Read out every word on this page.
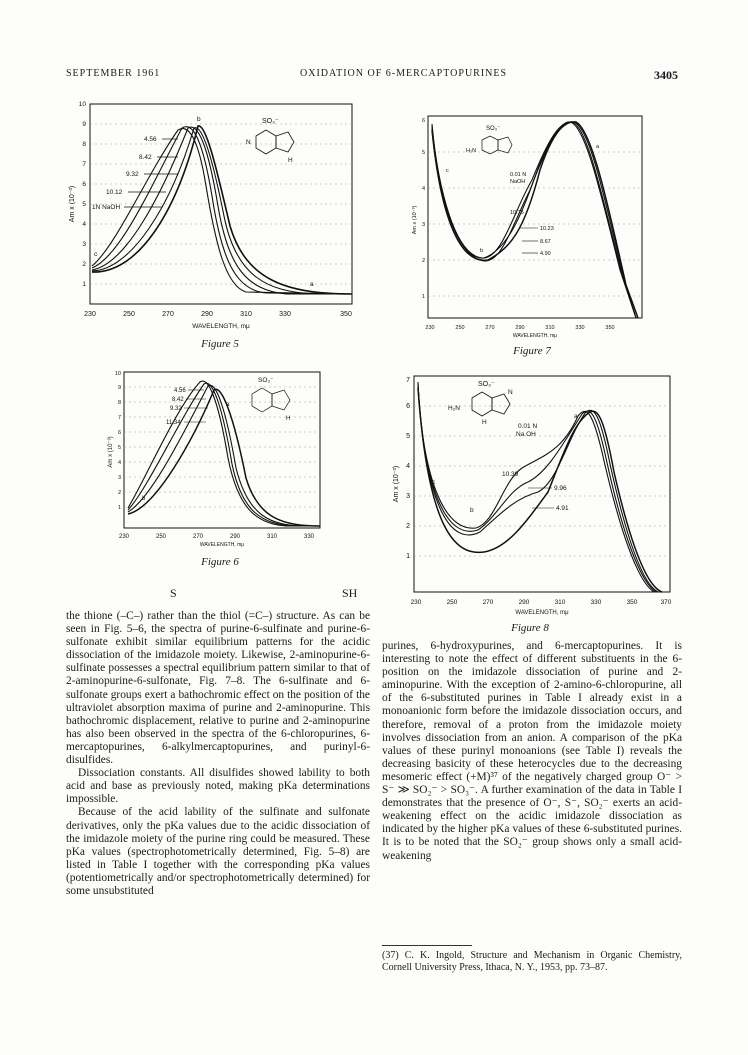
SEPTEMBER 1961	OXIDATION OF 6-MERCAPTOPURINES	3405
230	250	270	290	310	330	350
1
2
3
4
5
6
7
8
9
10
4.56
8.42
9.32
10.12
1N NaOH
SO₃⁻
N
H
b
c
a
WAVELENGTH, mμ
Am x (10⁻³)
Figure 5
230	250	270	290	310	330	350
1
2
3
4
5
6
0.01 N
NaOH
10.75
10.23
8.67
4.90
SO₃⁻
H₂N
c
b
a
WAVELENGTH, mμ
Am x (10⁻³)
Figure 7
230	250	270	290	310	330
1
2
3
4
5
6
7
8
9
10
4.56
8.42
9.32
11.34
SO₃⁻
H
b
a
WAVELENGTH, mμ
Am x (10⁻³)
Figure 6
230	250	270	290	310	330	350	370
1
2
3
4
5
6
7
0.01 N
Na OH
10.39
9.96
4.91
SO₃⁻
H₂N
N
H
c
b
a
WAVELENGTH, mμ
Am x (10⁻³)
Figure 8
S	SH

the thione (–C–) rather than the thiol (=C–) structure. As can be seen in Fig. 5–6, the spectra of purine-6-sulfinate and purine-6-sulfonate exhibit similar equilibrium patterns for the acidic dissociation of the imidazole moiety. Likewise, 2-aminopurine-6-sulfinate possesses a spectral equilibrium pattern similar to that of 2-aminopurine-6-sulfonate, Fig. 7–8. The 6-sulfinate and 6-sulfonate groups exert a bathochromic effect on the position of the ultraviolet absorption maxima of purine and 2-aminopurine. This bathochromic displacement, relative to purine and 2-aminopurine has also been observed in the spectra of the 6-chloropurines, 6-mercaptopurines, 6-alkylmercaptopurines, and purinyl-6-disulfides.

Dissociation constants. All disulfides showed lability to both acid and base as previously noted, making pKa determinations impossible.

Because of the acid lability of the sulfinate and sulfonate derivatives, only the pKa values due to the acidic dissociation of the imidazole moiety of the purine ring could be measured. These pKa values (spectrophotometrically determined, Fig. 5–8) are listed in Table I together with the corresponding pKa values (potentiometrically and/or spectrophotometrically determined) for some unsubstituted

purines, 6-hydroxypurines, and 6-mercaptopurines. It is interesting to note the effect of different substituents in the 6-position on the imidazole dissociation of purine and 2-aminopurine. With the exception of 2-amino-6-chloropurine, all of the 6-substituted purines in Table I already exist in a monoanionic form before the imidazole dissociation occurs, and therefore, removal of a proton from the imidazole moiety involves dissociation from an anion. A comparison of the pKa values of these purinyl monoanions (see Table I) reveals the decreasing basicity of these heterocycles due to the decreasing mesomeric effect (+M)³⁷ of the negatively charged group O⁻ > S⁻ ≫ SO₂⁻ > SO₃⁻. A further examination of the data in Table I demonstrates that the presence of O⁻, S⁻, SO₂⁻ exerts an acid-weakening effect on the acidic imidazole dissociation as indicated by the higher pKa values of these 6-substituted purines. It is to be noted that the SO₂⁻ group shows only a small acid-weakening

(37) C. K. Ingold, Structure and Mechanism in Organic Chemistry, Cornell University Press, Ithaca, N. Y., 1953, pp. 73–87.
